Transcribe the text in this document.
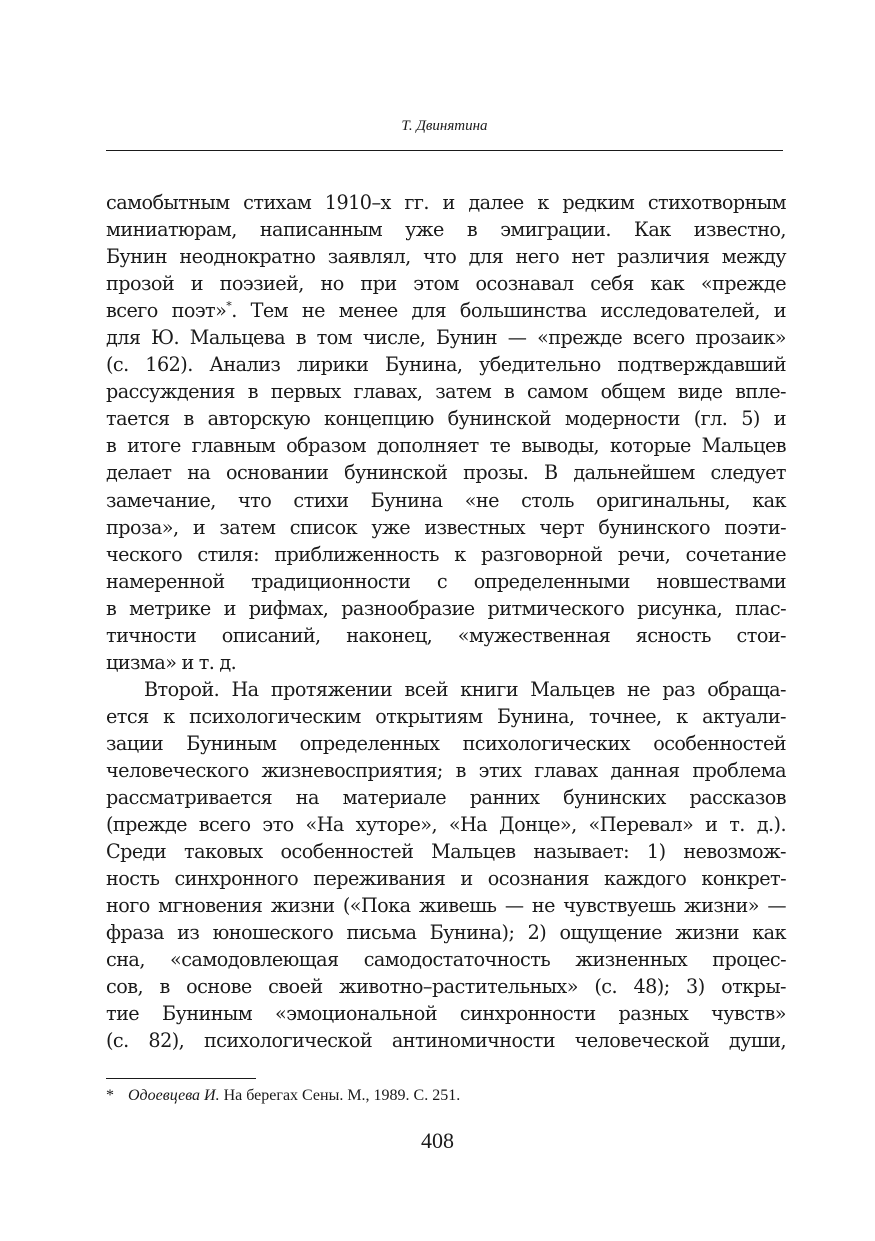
Т. Двинятина
самобытным стихам 1910–х гг. и далее к редким стихотворным
миниатюрам, написанным уже в эмиграции. Как известно,
Бунин неоднократно заявлял, что для него нет различия между
прозой и поэзией, но при этом осознавал себя как «прежде
всего поэт»*. Тем не менее для большинства исследователей, и
для Ю. Мальцева в том числе, Бунин — «прежде всего прозаик»
(с. 162). Анализ лирики Бунина, убедительно подтверждавший
рассуждения в первых главах, затем в самом общем виде впле-
тается в авторскую концепцию бунинской модерности (гл. 5) и
в итоге главным образом дополняет те выводы, которые Мальцев
делает на основании бунинской прозы. В дальнейшем следует
замечание, что стихи Бунина «не столь оригинальны, как
проза», и затем список уже известных черт бунинского поэти-
ческого стиля: приближенность к разговорной речи, сочетание
намеренной традиционности с определенными новшествами
в метрике и рифмах, разнообразие ритмического рисунка, плас-
тичности описаний, наконец, «мужественная ясность стои-
цизма» и т. д.
Второй. На протяжении всей книги Мальцев не раз обраща-
ется к психологическим открытиям Бунина, точнее, к актуали-
зации Буниным определенных психологических особенностей
человеческого жизневосприятия; в этих главах данная проблема
рассматривается на материале ранних бунинских рассказов
(прежде всего это «На хуторе», «На Донце», «Перевал» и т. д.).
Среди таковых особенностей Мальцев называет: 1) невозмож-
ность синхронного переживания и осознания каждого конкрет-
ного мгновения жизни («Пока живешь — не чувствуешь жизни» —
фраза из юношеского письма Бунина); 2) ощущение жизни как
сна, «самодовлеющая самодостаточность жизненных процес-
сов, в основе своей животно–растительных» (с. 48); 3) откры-
тие Буниным «эмоциональной синхронности разных чувств»
(с. 82), психологической антиномичности человеческой души,
* Одоевцева И. На берегах Сены. М., 1989. С. 251.
408
